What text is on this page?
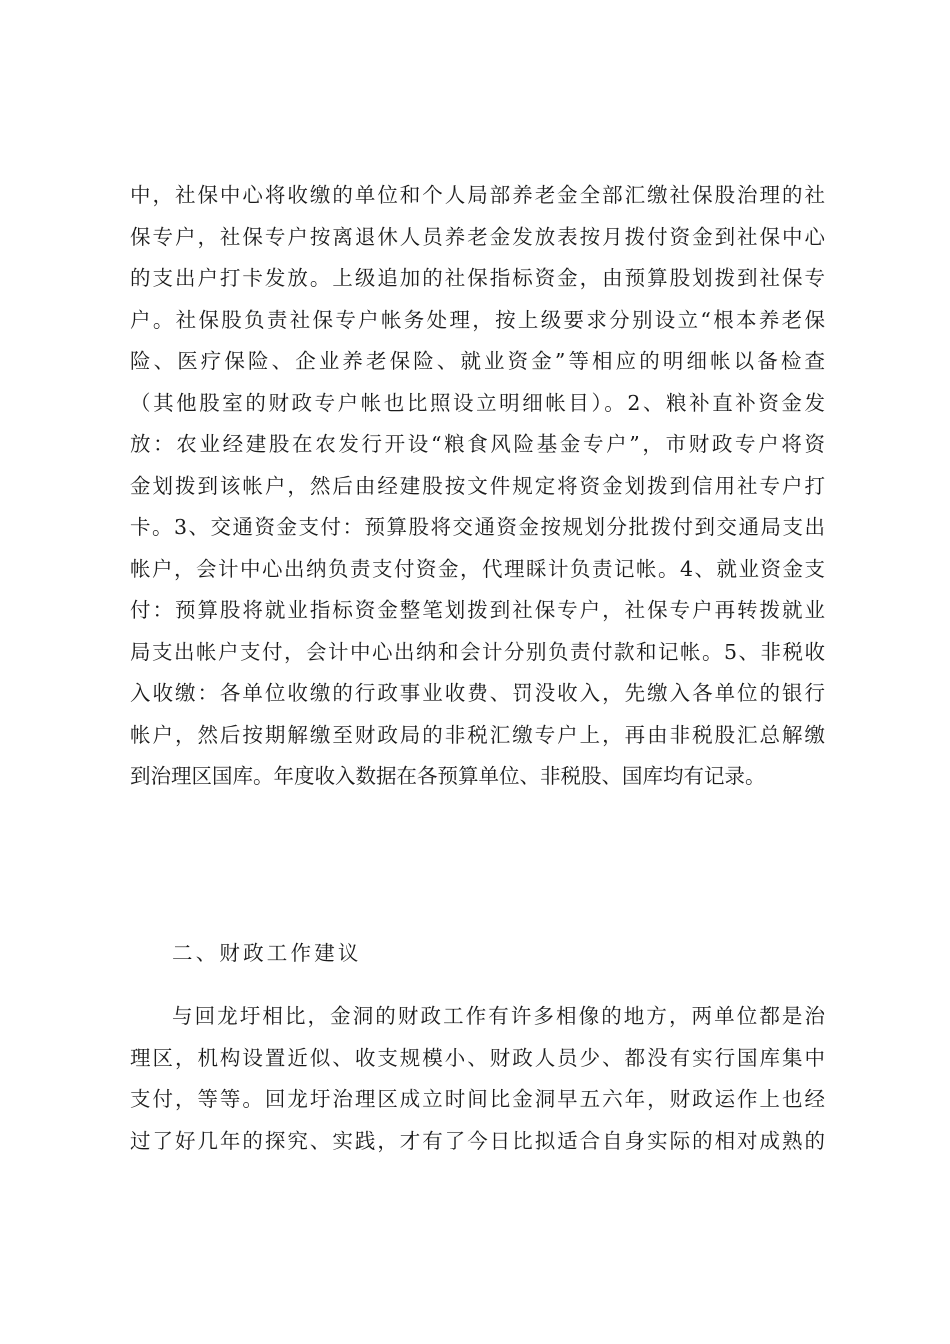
中，社保中心将收缴的单位和个人局部养老金全部汇缴社保股治理的社
保专户，社保专户按离退休人员养老金发放表按月拨付资金到社保中心
的支出户打卡发放。上级追加的社保指标资金，由预算股划拨到社保专
户。社保股负责社保专户帐务处理，按上级要求分别设立“根本养老保
险、医疗保险、企业养老保险、就业资金”等相应的明细帐以备检查
（其他股室的财政专户帐也比照设立明细帐目）。2、粮补直补资金发
放：农业经建股在农发行开设“粮食风险基金专户”，市财政专户将资
金划拨到该帐户，然后由经建股按文件规定将资金划拨到信用社专户打
卡。3、交通资金支付：预算股将交通资金按规划分批拨付到交通局支出
帐户，会计中心出纳负责支付资金，代理睬计负责记帐。4、就业资金支
付：预算股将就业指标资金整笔划拨到社保专户，社保专户再转拨就业
局支出帐户支付，会计中心出纳和会计分别负责付款和记帐。5、非税收
入收缴：各单位收缴的行政事业收费、罚没收入，先缴入各单位的银行
帐户，然后按期解缴至财政局的非税汇缴专户上，再由非税股汇总解缴
到治理区国库。年度收入数据在各预算单位、非税股、国库均有记录。
二、财政工作建议
与回龙圩相比，金洞的财政工作有许多相像的地方，两单位都是治
理区，机构设置近似、收支规模小、财政人员少、都没有实行国库集中
支付，等等。回龙圩治理区成立时间比金洞早五六年，财政运作上也经
过了好几年的探究、实践，才有了今日比拟适合自身实际的相对成熟的
